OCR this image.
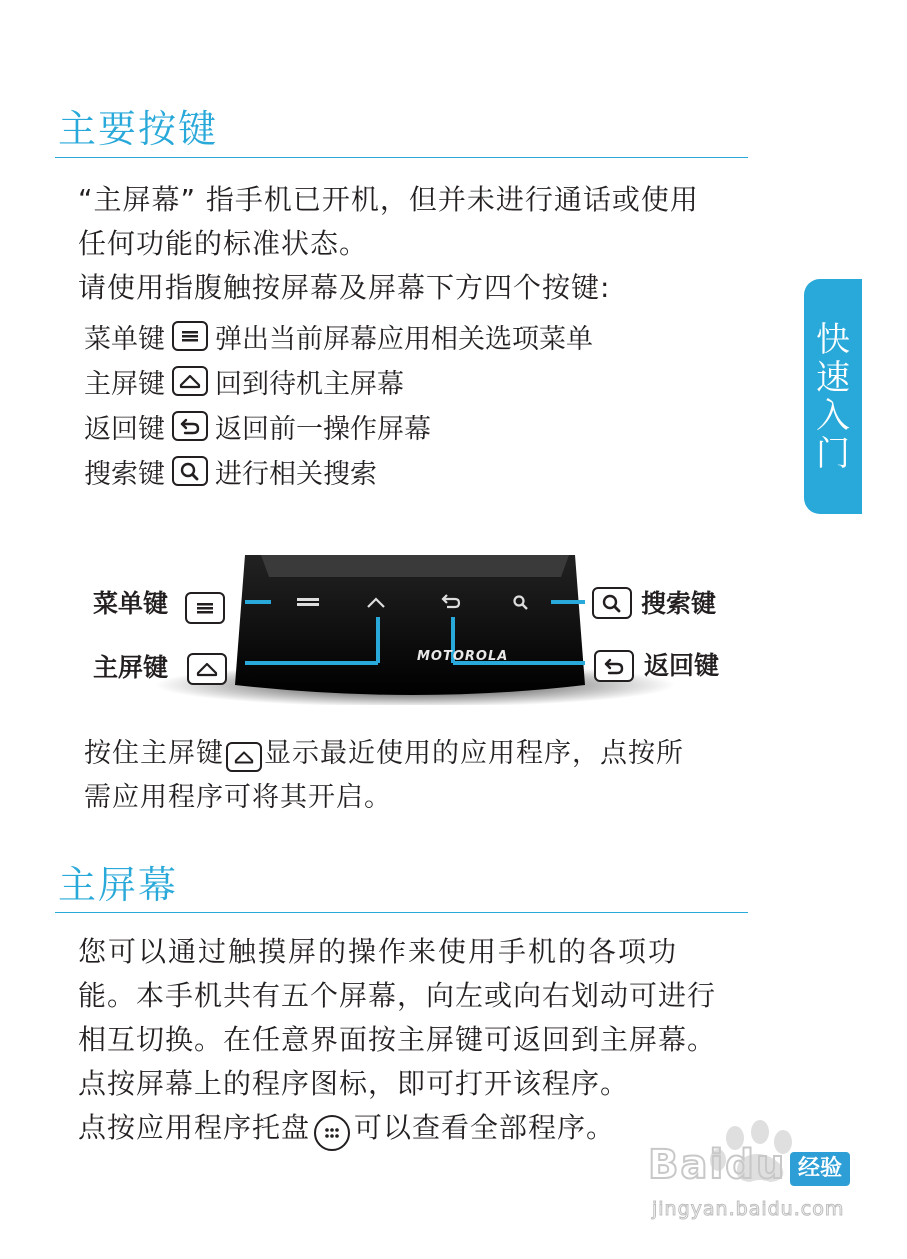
主要按键

“主屏幕” 指手机已开机，但并未进行通话或使用

任何功能的标准状态。

请使用指腹触按屏幕及屏幕下方四个按键:

菜单键 弹出当前屏幕应用相关选项菜单
主屏键 回到待机主屏幕
返回键 返回前一操作屏幕
搜索键 进行相关搜索
快
速
入
门
MOTOROLA
菜单键
主屏键
搜索键
返回键

按住主屏键 显示最近使用的应用程序，点按所

需应用程序可将其开启。

主屏幕

您可以通过触摸屏的操作来使用手机的各项功

能。本手机共有五个屏幕，向左或向右划动可进行

相互切换。在任意界面按主屏键可返回到主屏幕。

点按屏幕上的程序图标，即可打开该程序。

点按应用程序托盘 可以查看全部程序。

Baidu 经验
jingyan.baidu.com
